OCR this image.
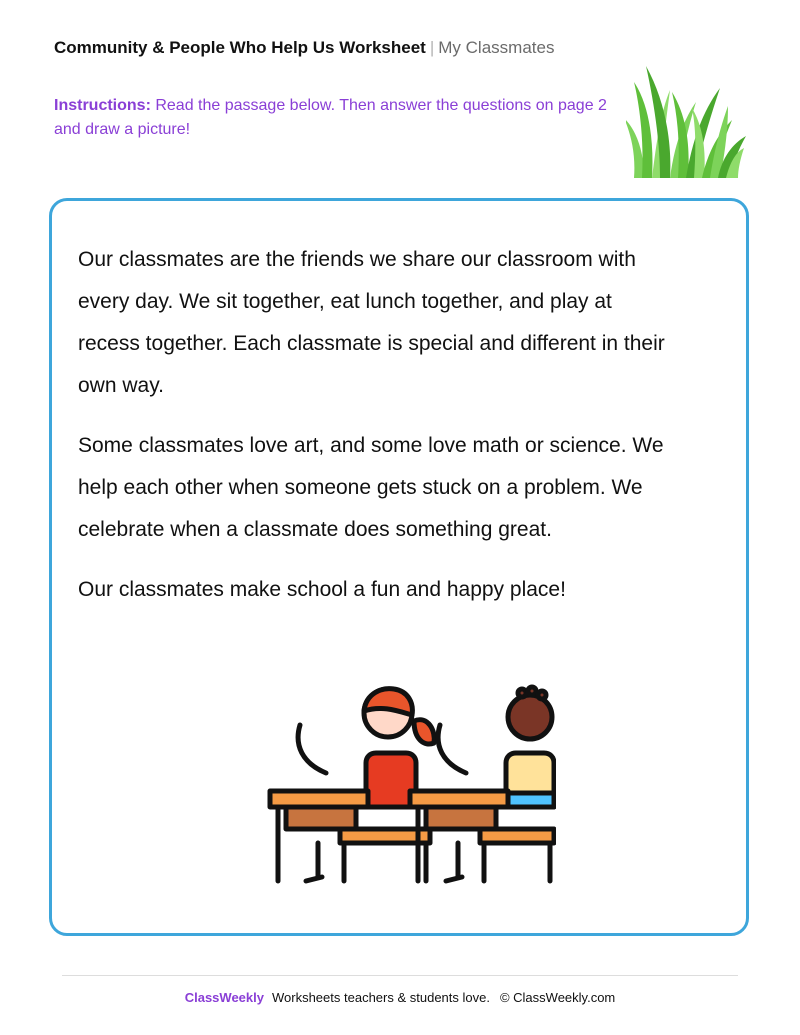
Community & People Who Help Us Worksheet | My Classmates
Instructions: Read the passage below. Then answer the questions on page 2 and draw a picture!

Our classmates are the friends we share our classroom with every day. We sit together, eat lunch together, and play at recess together. Each classmate is special and different in their own way.

Some classmates love art, and some love math or science. We help each other when someone gets stuck on a problem. We celebrate when a classmate does something great.

Our classmates make school a fun and happy place!

ClassWeekly Worksheets teachers & students love. © ClassWeekly.com
